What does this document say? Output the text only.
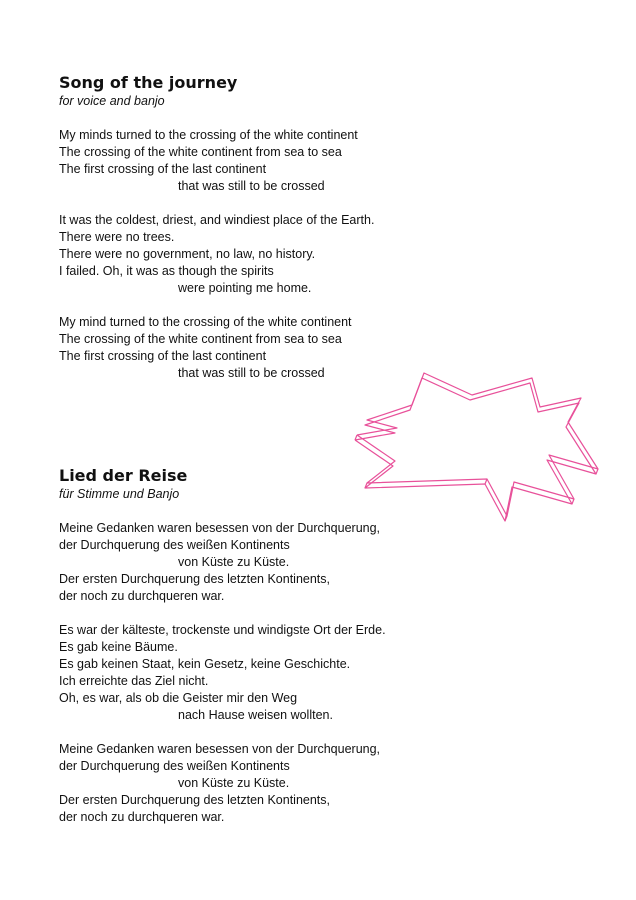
Song of the journey

for voice and banjo

My minds turned to the crossing of the white continent
The crossing of the white continent from sea to sea
The first crossing of the last continent
that was still to be crossed
It was the coldest, driest, and windiest place of the Earth.
There were no trees.
There were no government, no law, no history.
I failed. Oh, it was as though the spirits
were pointing me home.
My mind turned to the crossing of the white continent
The crossing of the white continent from sea to sea
The first crossing of the last continent
that was still to be crossed
Lied der Reise

für Stimme und Banjo

Meine Gedanken waren besessen von der Durchquerung,
der Durchquerung des weißen Kontinents
von Küste zu Küste.
Der ersten Durchquerung des letzten Kontinents,
der noch zu durchqueren war.
Es war der kälteste, trockenste und windigste Ort der Erde.
Es gab keine Bäume.
Es gab keinen Staat, kein Gesetz, keine Geschichte.
Ich erreichte das Ziel nicht.
Oh, es war, als ob die Geister mir den Weg
nach Hause weisen wollten.
Meine Gedanken waren besessen von der Durchquerung,
der Durchquerung des weißen Kontinents
von Küste zu Küste.
Der ersten Durchquerung des letzten Kontinents,
der noch zu durchqueren war.
